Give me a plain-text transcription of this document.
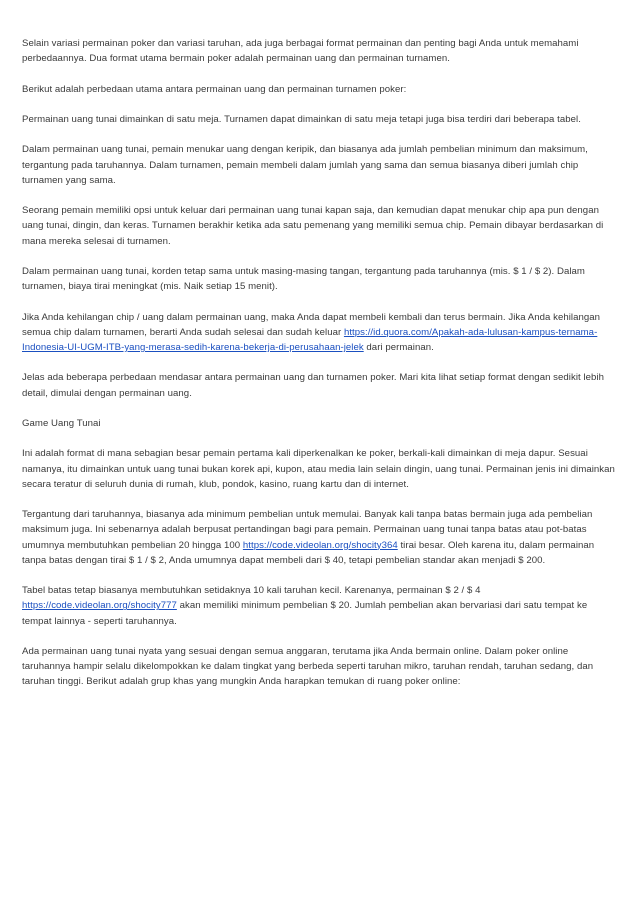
Selain variasi permainan poker dan variasi taruhan, ada juga berbagai format permainan dan penting bagi Anda untuk memahami perbedaannya. Dua format utama bermain poker adalah permainan uang dan permainan turnamen.

Berikut adalah perbedaan utama antara permainan uang dan permainan turnamen poker:

Permainan uang tunai dimainkan di satu meja. Turnamen dapat dimainkan di satu meja tetapi juga bisa terdiri dari beberapa tabel.

Dalam permainan uang tunai, pemain menukar uang dengan keripik, dan biasanya ada jumlah pembelian minimum dan maksimum, tergantung pada taruhannya. Dalam turnamen, pemain membeli dalam jumlah yang sama dan semua biasanya diberi jumlah chip turnamen yang sama.

Seorang pemain memiliki opsi untuk keluar dari permainan uang tunai kapan saja, dan kemudian dapat menukar chip apa pun dengan uang tunai, dingin, dan keras. Turnamen berakhir ketika ada satu pemenang yang memiliki semua chip. Pemain dibayar berdasarkan di mana mereka selesai di turnamen.

Dalam permainan uang tunai, korden tetap sama untuk masing-masing tangan, tergantung pada taruhannya (mis. $ 1 / $ 2). Dalam turnamen, biaya tirai meningkat (mis. Naik setiap 15 menit).

Jika Anda kehilangan chip / uang dalam permainan uang, maka Anda dapat membeli kembali dan terus bermain. Jika Anda kehilangan semua chip dalam turnamen, berarti Anda sudah selesai dan sudah keluar https://id.quora.com/Apakah-ada-lulusan-kampus-ternama-Indonesia-UI-UGM-ITB-yang-merasa-sedih-karena-bekerja-di-perusahaan-jelek dari permainan.

Jelas ada beberapa perbedaan mendasar antara permainan uang dan turnamen poker. Mari kita lihat setiap format dengan sedikit lebih detail, dimulai dengan permainan uang.

Game Uang Tunai

Ini adalah format di mana sebagian besar pemain pertama kali diperkenalkan ke poker, berkali-kali dimainkan di meja dapur. Sesuai namanya, itu dimainkan untuk uang tunai bukan korek api, kupon, atau media lain selain dingin, uang tunai. Permainan jenis ini dimainkan secara teratur di seluruh dunia di rumah, klub, pondok, kasino, ruang kartu dan di internet.

Tergantung dari taruhannya, biasanya ada minimum pembelian untuk memulai. Banyak kali tanpa batas bermain juga ada pembelian maksimum juga. Ini sebenarnya adalah berpusat pertandingan bagi para pemain. Permainan uang tunai tanpa batas atau pot-batas umumnya membutuhkan pembelian 20 hingga 100 https://code.videolan.org/shocity364 tirai besar. Oleh karena itu, dalam permainan tanpa batas dengan tirai $ 1 / $ 2, Anda umumnya dapat membeli dari $ 40, tetapi pembelian standar akan menjadi $ 200.

Tabel batas tetap biasanya membutuhkan setidaknya 10 kali taruhan kecil. Karenanya, permainan $ 2 / $ 4 https://code.videolan.org/shocity777 akan memiliki minimum pembelian $ 20. Jumlah pembelian akan bervariasi dari satu tempat ke tempat lainnya - seperti taruhannya.

Ada permainan uang tunai nyata yang sesuai dengan semua anggaran, terutama jika Anda bermain online. Dalam poker online taruhannya hampir selalu dikelompokkan ke dalam tingkat yang berbeda seperti taruhan mikro, taruhan rendah, taruhan sedang, dan taruhan tinggi. Berikut adalah grup khas yang mungkin Anda harapkan temukan di ruang poker online:
